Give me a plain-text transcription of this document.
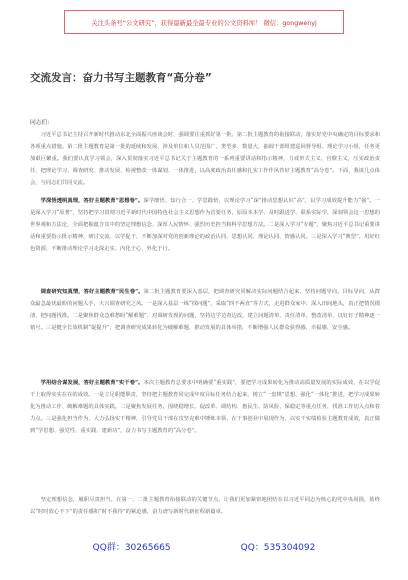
关注头条号“公文研究”，获得最新最全最专业的公文资料库！ 微信：gongwenyj
交流发言：奋力书写主题教育“高分卷”

同志们：

习近平总书记主持召开新时代推动东北全面振兴座谈会时，强调要注重抓好第一批、第二批主题教育的衔接联动，落实好党中央确定的目标要求和各项重点措施。第二批主题教育是第一批的延续和发展，涉及单位和人员范围广、类型多、数量大，抽调干部组建巡回督导组、理论学习小组，任务更加艰巨繁重。我们要认真学习领会，深入贯彻落实习近平总书记关于主题教育的一系列重要讲话和指示精神，力戒形式主义、官僚主义，压实政治责任，把理论学习、调查研究、推动发展、检视整改一体谋划、一体推进，以高度政治责任感和扎实工作作风答好主题教育“高分卷”。下面，我谈几点体会，与同志们共同交流。

学深悟透明真理，答好主题教育“思想卷”。深学细悟、知行合一、学思践悟，以理论学习“深”推动思想认识“高”，以学习成效提升能力“强”。一是深入学习“原著”，坚持把学习贯彻习近平新时代中国特色社会主义思想作为首要任务，原原本本学、及时跟进学、联系实际学，深刻领会这一思想的世界观和方法论，全面把握蕴含其中的坚定理想信念、深厚人民情怀、强烈历史担当和科学思想方法。二是深入学习“专题”，聚焦习近平总书记重要讲话和重要指示批示精神，研讨交流、以学促干，不断加深对党的创新理论的政治认同、思想认同、理论认同、情感认同。三是深入学习“典型”，用好红色资源，不断推动理论学习走深走实、内化于心、外化于行。

调查研究知真情，答好主题教育“民生卷”。第二批主题教育要深入基层，把调查研究同解决实际问题结合起来，坚持问题导向、目标导向，从群众最急最忧最盼的问题入手，大兴调查研究之风。一是深入基层一线“找问题”，采取“四不两直”等方式，走进群众家中、深入田间地头，真正把情况摸清、把问题找准。二是聚焦群众急难愁盼“解难题”，对调研发现的问题，坚持边学边查边改，建立问题清单、责任清单、整改清单，以钉钉子精神逐一销号。三是健全长效机制“促提升”，把调查研究成果转化为破解难题、推动发展的具体举措，不断增强人民群众获得感、幸福感、安全感。

学用结合谋发展，答好主题教育“实干卷”。本次主题教育总要求中明确要“重实践”，要把学习成果转化为推动高质量发展的实际成效，在以学促干上取得实实在在的成效。一是立足职能职责，坚持把主题教育同完成年度目标任务结合起来，树立“一盘棋”思想，强化“一体化”推进，把学习成果转化为推动工作、破解难题的具体实践。二是聚焦发展任务，围绕稳增长、促改革、调结构、惠民生、防风险、保稳定等重点任务，找准工作切入点和着力点。三是强化担当作为，大力弘扬实干精神，引导党员干部在攻坚克难中锤炼本领、在干事创业中展现作为，以实干实绩检验主题教育成效，真正做到“学思想、强党性、重实践、建新功”，奋力书写主题教育的“高分卷”。

坚定理想信念，履职尽责担当。在第一、二批主题教育衔接联动的关键节点，让我们更加紧密地团结在以习近平同志为核心的党中央周围，始终以“时时放心不下”的责任感和“时不我待”的紧迫感，奋力谱写新时代新征程新篇章。

QQ群：30265665	QQ：535304092
